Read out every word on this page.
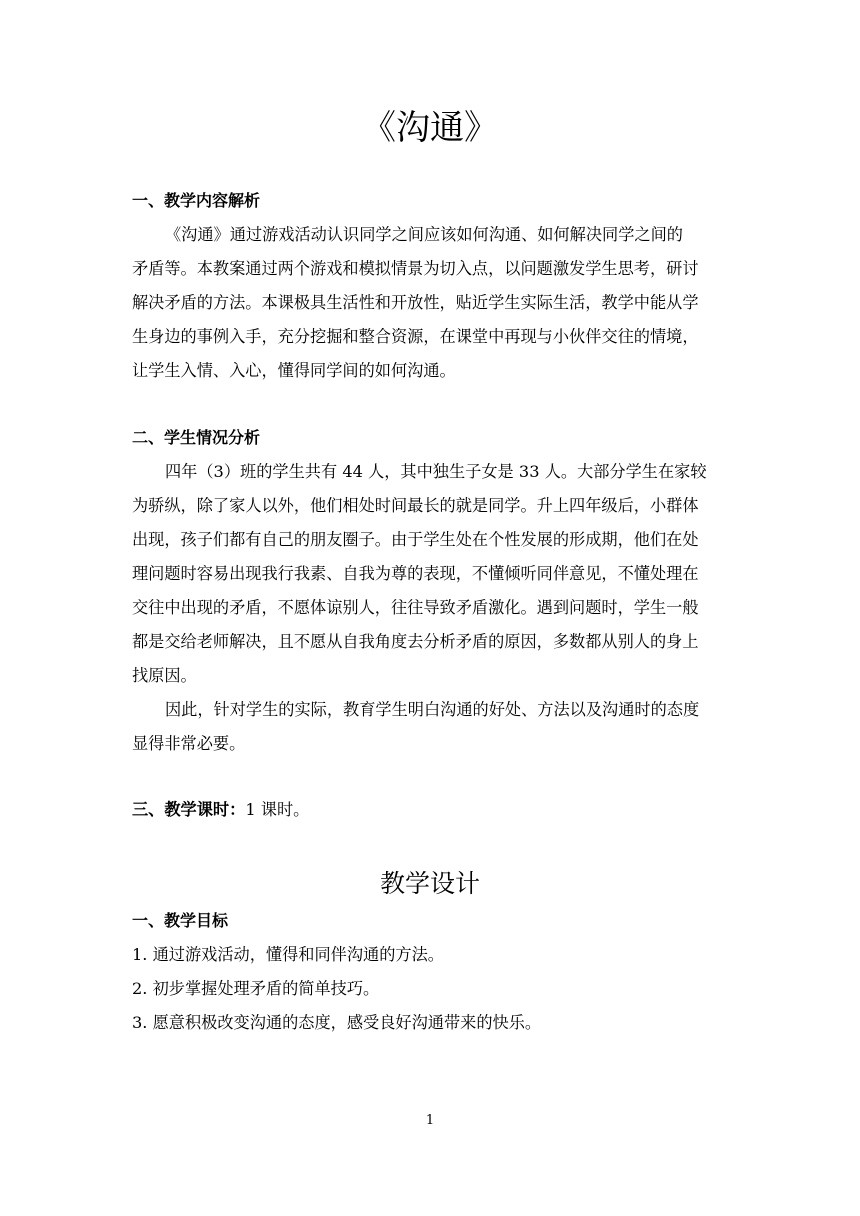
《沟通》
一、教学内容解析
《沟通》通过游戏活动认识同学之间应该如何沟通、如何解决同学之间的
矛盾等。本教案通过两个游戏和模拟情景为切入点，以问题激发学生思考，研讨
解决矛盾的方法。本课极具生活性和开放性，贴近学生实际生活，教学中能从学
生身边的事例入手，充分挖掘和整合资源，在课堂中再现与小伙伴交往的情境，
让学生入情、入心，懂得同学间的如何沟通。
二、学生情况分析
四年（3）班的学生共有 44 人，其中独生子女是 33 人。大部分学生在家较
为骄纵，除了家人以外，他们相处时间最长的就是同学。升上四年级后，小群体
出现，孩子们都有自己的朋友圈子。由于学生处在个性发展的形成期，他们在处
理问题时容易出现我行我素、自我为尊的表现，不懂倾听同伴意见，不懂处理在
交往中出现的矛盾，不愿体谅别人，往往导致矛盾激化。遇到问题时，学生一般
都是交给老师解决，且不愿从自我角度去分析矛盾的原因，多数都从别人的身上
找原因。
因此，针对学生的实际，教育学生明白沟通的好处、方法以及沟通时的态度
显得非常必要。
三、教学课时：1 课时。
教学设计
一、教学目标
1. 通过游戏活动，懂得和同伴沟通的方法。
2. 初步掌握处理矛盾的简单技巧。
3. 愿意积极改变沟通的态度，感受良好沟通带来的快乐。
1
